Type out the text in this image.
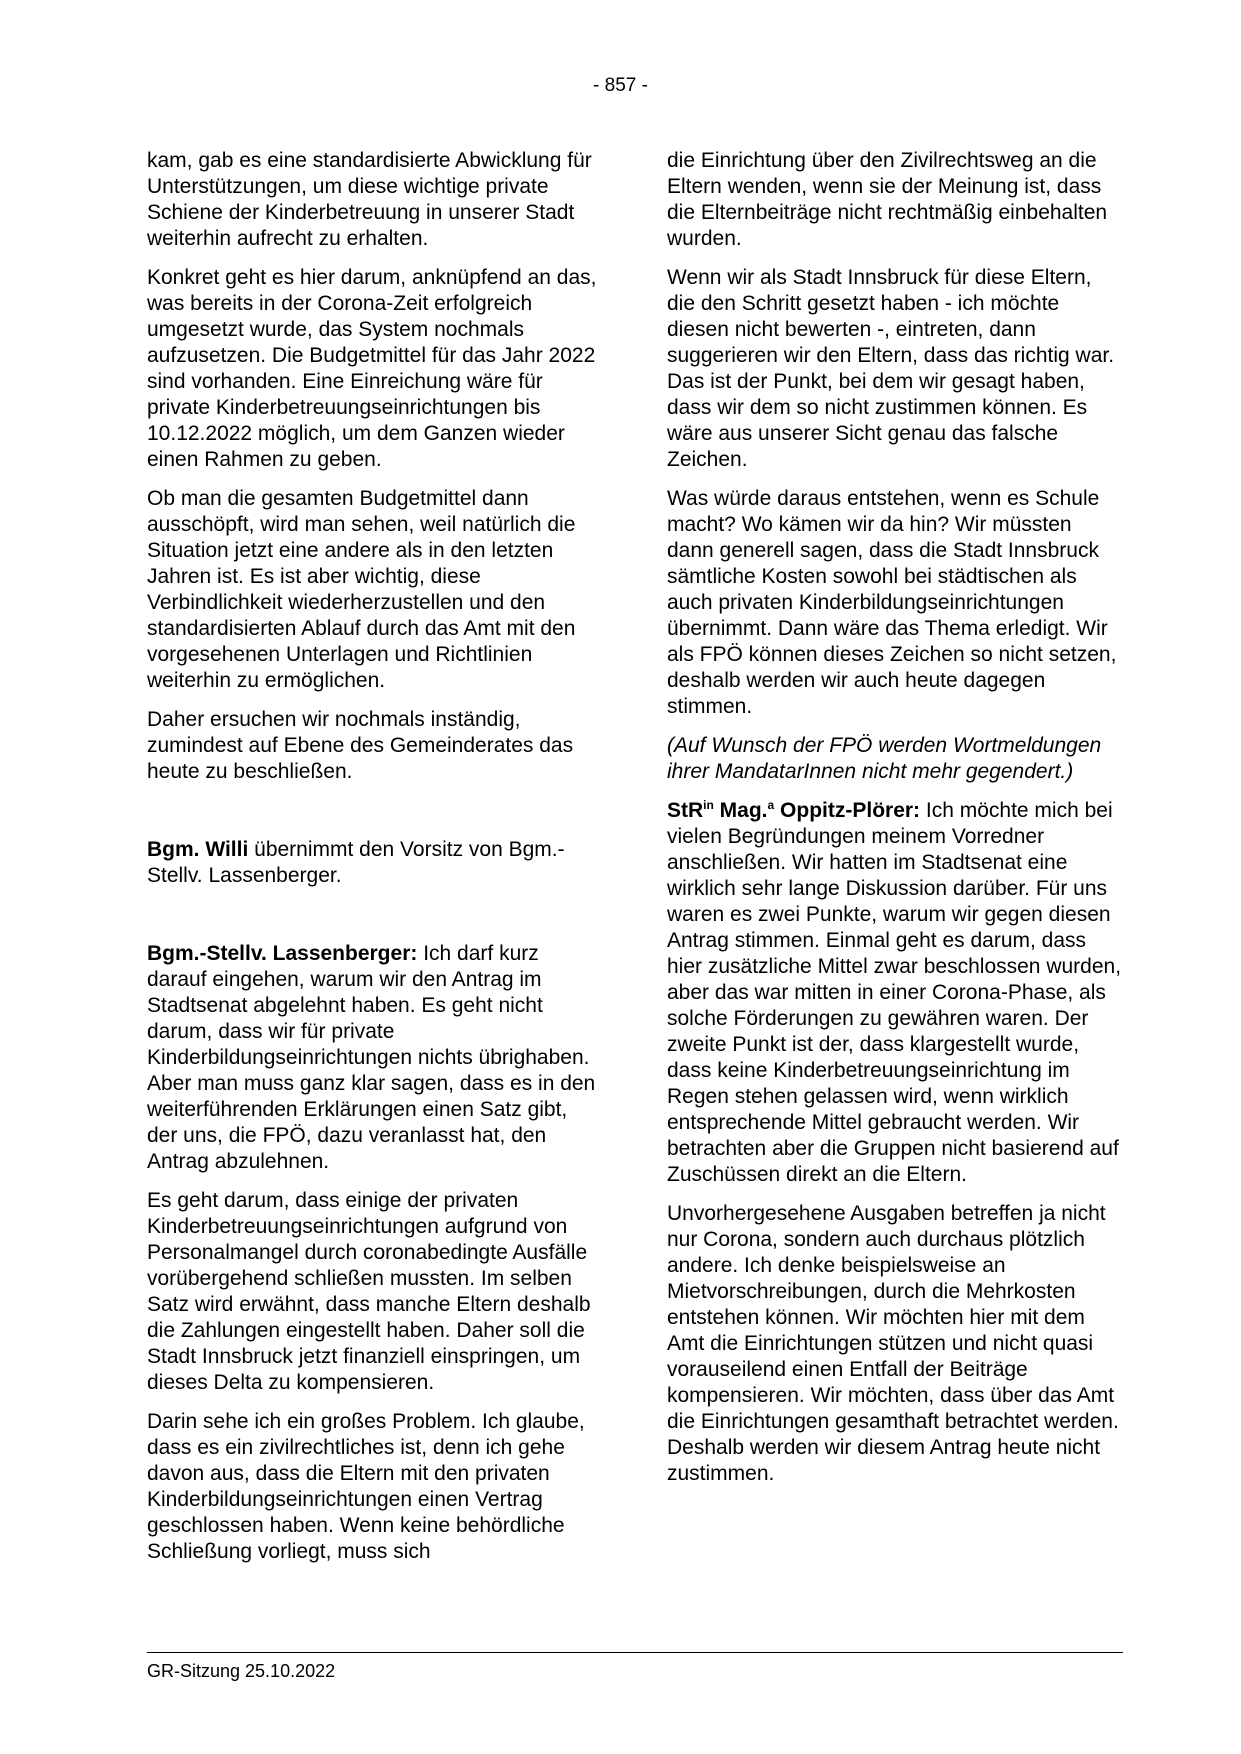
- 857 -

kam, gab es eine standardisierte Abwicklung für Unterstützungen, um diese wichtige private Schiene der Kinderbetreuung in unserer Stadt weiterhin aufrecht zu erhalten.

Konkret geht es hier darum, anknüpfend an das, was bereits in der Corona-Zeit erfolgreich umgesetzt wurde, das System nochmals aufzusetzen. Die Budgetmittel für das Jahr 2022 sind vorhanden. Eine Einreichung wäre für private Kinderbetreuungseinrichtungen bis 10.12.2022 möglich, um dem Ganzen wieder einen Rahmen zu geben.

Ob man die gesamten Budgetmittel dann ausschöpft, wird man sehen, weil natürlich die Situation jetzt eine andere als in den letzten Jahren ist. Es ist aber wichtig, diese Verbindlichkeit wiederherzustellen und den standardisierten Ablauf durch das Amt mit den vorgesehenen Unterlagen und Richtlinien weiterhin zu ermöglichen.

Daher ersuchen wir nochmals inständig, zumindest auf Ebene des Gemeinderates das heute zu beschließen.

Bgm. Willi übernimmt den Vorsitz von Bgm.-Stellv. Lassenberger.

Bgm.-Stellv. Lassenberger: Ich darf kurz darauf eingehen, warum wir den Antrag im Stadtsenat abgelehnt haben. Es geht nicht darum, dass wir für private Kinderbildungseinrichtungen nichts übrighaben. Aber man muss ganz klar sagen, dass es in den weiterführenden Erklärungen einen Satz gibt, der uns, die FPÖ, dazu veranlasst hat, den Antrag abzulehnen.

Es geht darum, dass einige der privaten Kinderbetreuungseinrichtungen aufgrund von Personalmangel durch coronabedingte Ausfälle vorübergehend schließen mussten. Im selben Satz wird erwähnt, dass manche Eltern deshalb die Zahlungen eingestellt haben. Daher soll die Stadt Innsbruck jetzt finanziell einspringen, um dieses Delta zu kompensieren.

Darin sehe ich ein großes Problem. Ich glaube, dass es ein zivilrechtliches ist, denn ich gehe davon aus, dass die Eltern mit den privaten Kinderbildungseinrichtungen einen Vertrag geschlossen haben. Wenn keine behördliche Schließung vorliegt, muss sich

die Einrichtung über den Zivilrechtsweg an die Eltern wenden, wenn sie der Meinung ist, dass die Elternbeiträge nicht rechtmäßig einbehalten wurden.

Wenn wir als Stadt Innsbruck für diese Eltern, die den Schritt gesetzt haben - ich möchte diesen nicht bewerten -, eintreten, dann suggerieren wir den Eltern, dass das richtig war. Das ist der Punkt, bei dem wir gesagt haben, dass wir dem so nicht zustimmen können. Es wäre aus unserer Sicht genau das falsche Zeichen.

Was würde daraus entstehen, wenn es Schule macht? Wo kämen wir da hin? Wir müssten dann generell sagen, dass die Stadt Innsbruck sämtliche Kosten sowohl bei städtischen als auch privaten Kinderbildungseinrichtungen übernimmt. Dann wäre das Thema erledigt. Wir als FPÖ können dieses Zeichen so nicht setzen, deshalb werden wir auch heute dagegen stimmen.

(Auf Wunsch der FPÖ werden Wortmeldungen ihrer MandatarInnen nicht mehr gegendert.)

StR$^{in}$ Mag.$^a$ Oppitz-Plörer: Ich möchte mich bei vielen Begründungen meinem Vorredner anschließen. Wir hatten im Stadtsenat eine wirklich sehr lange Diskussion darüber. Für uns waren es zwei Punkte, warum wir gegen diesen Antrag stimmen. Einmal geht es darum, dass hier zusätzliche Mittel zwar beschlossen wurden, aber das war mitten in einer Corona-Phase, als solche Förderungen zu gewähren waren. Der zweite Punkt ist der, dass klargestellt wurde, dass keine Kinderbetreuungseinrichtung im Regen stehen gelassen wird, wenn wirklich entsprechende Mittel gebraucht werden. Wir betrachten aber die Gruppen nicht basierend auf Zuschüssen direkt an die Eltern.

Unvorhergesehene Ausgaben betreffen ja nicht nur Corona, sondern auch durchaus plötzlich andere. Ich denke beispielsweise an Mietvorschreibungen, durch die Mehrkosten entstehen können. Wir möchten hier mit dem Amt die Einrichtungen stützen und nicht quasi vorauseilend einen Entfall der Beiträge kompensieren. Wir möchten, dass über das Amt die Einrichtungen gesamthaft betrachtet werden. Deshalb werden wir diesem Antrag heute nicht zustimmen.

GR-Sitzung 25.10.2022
